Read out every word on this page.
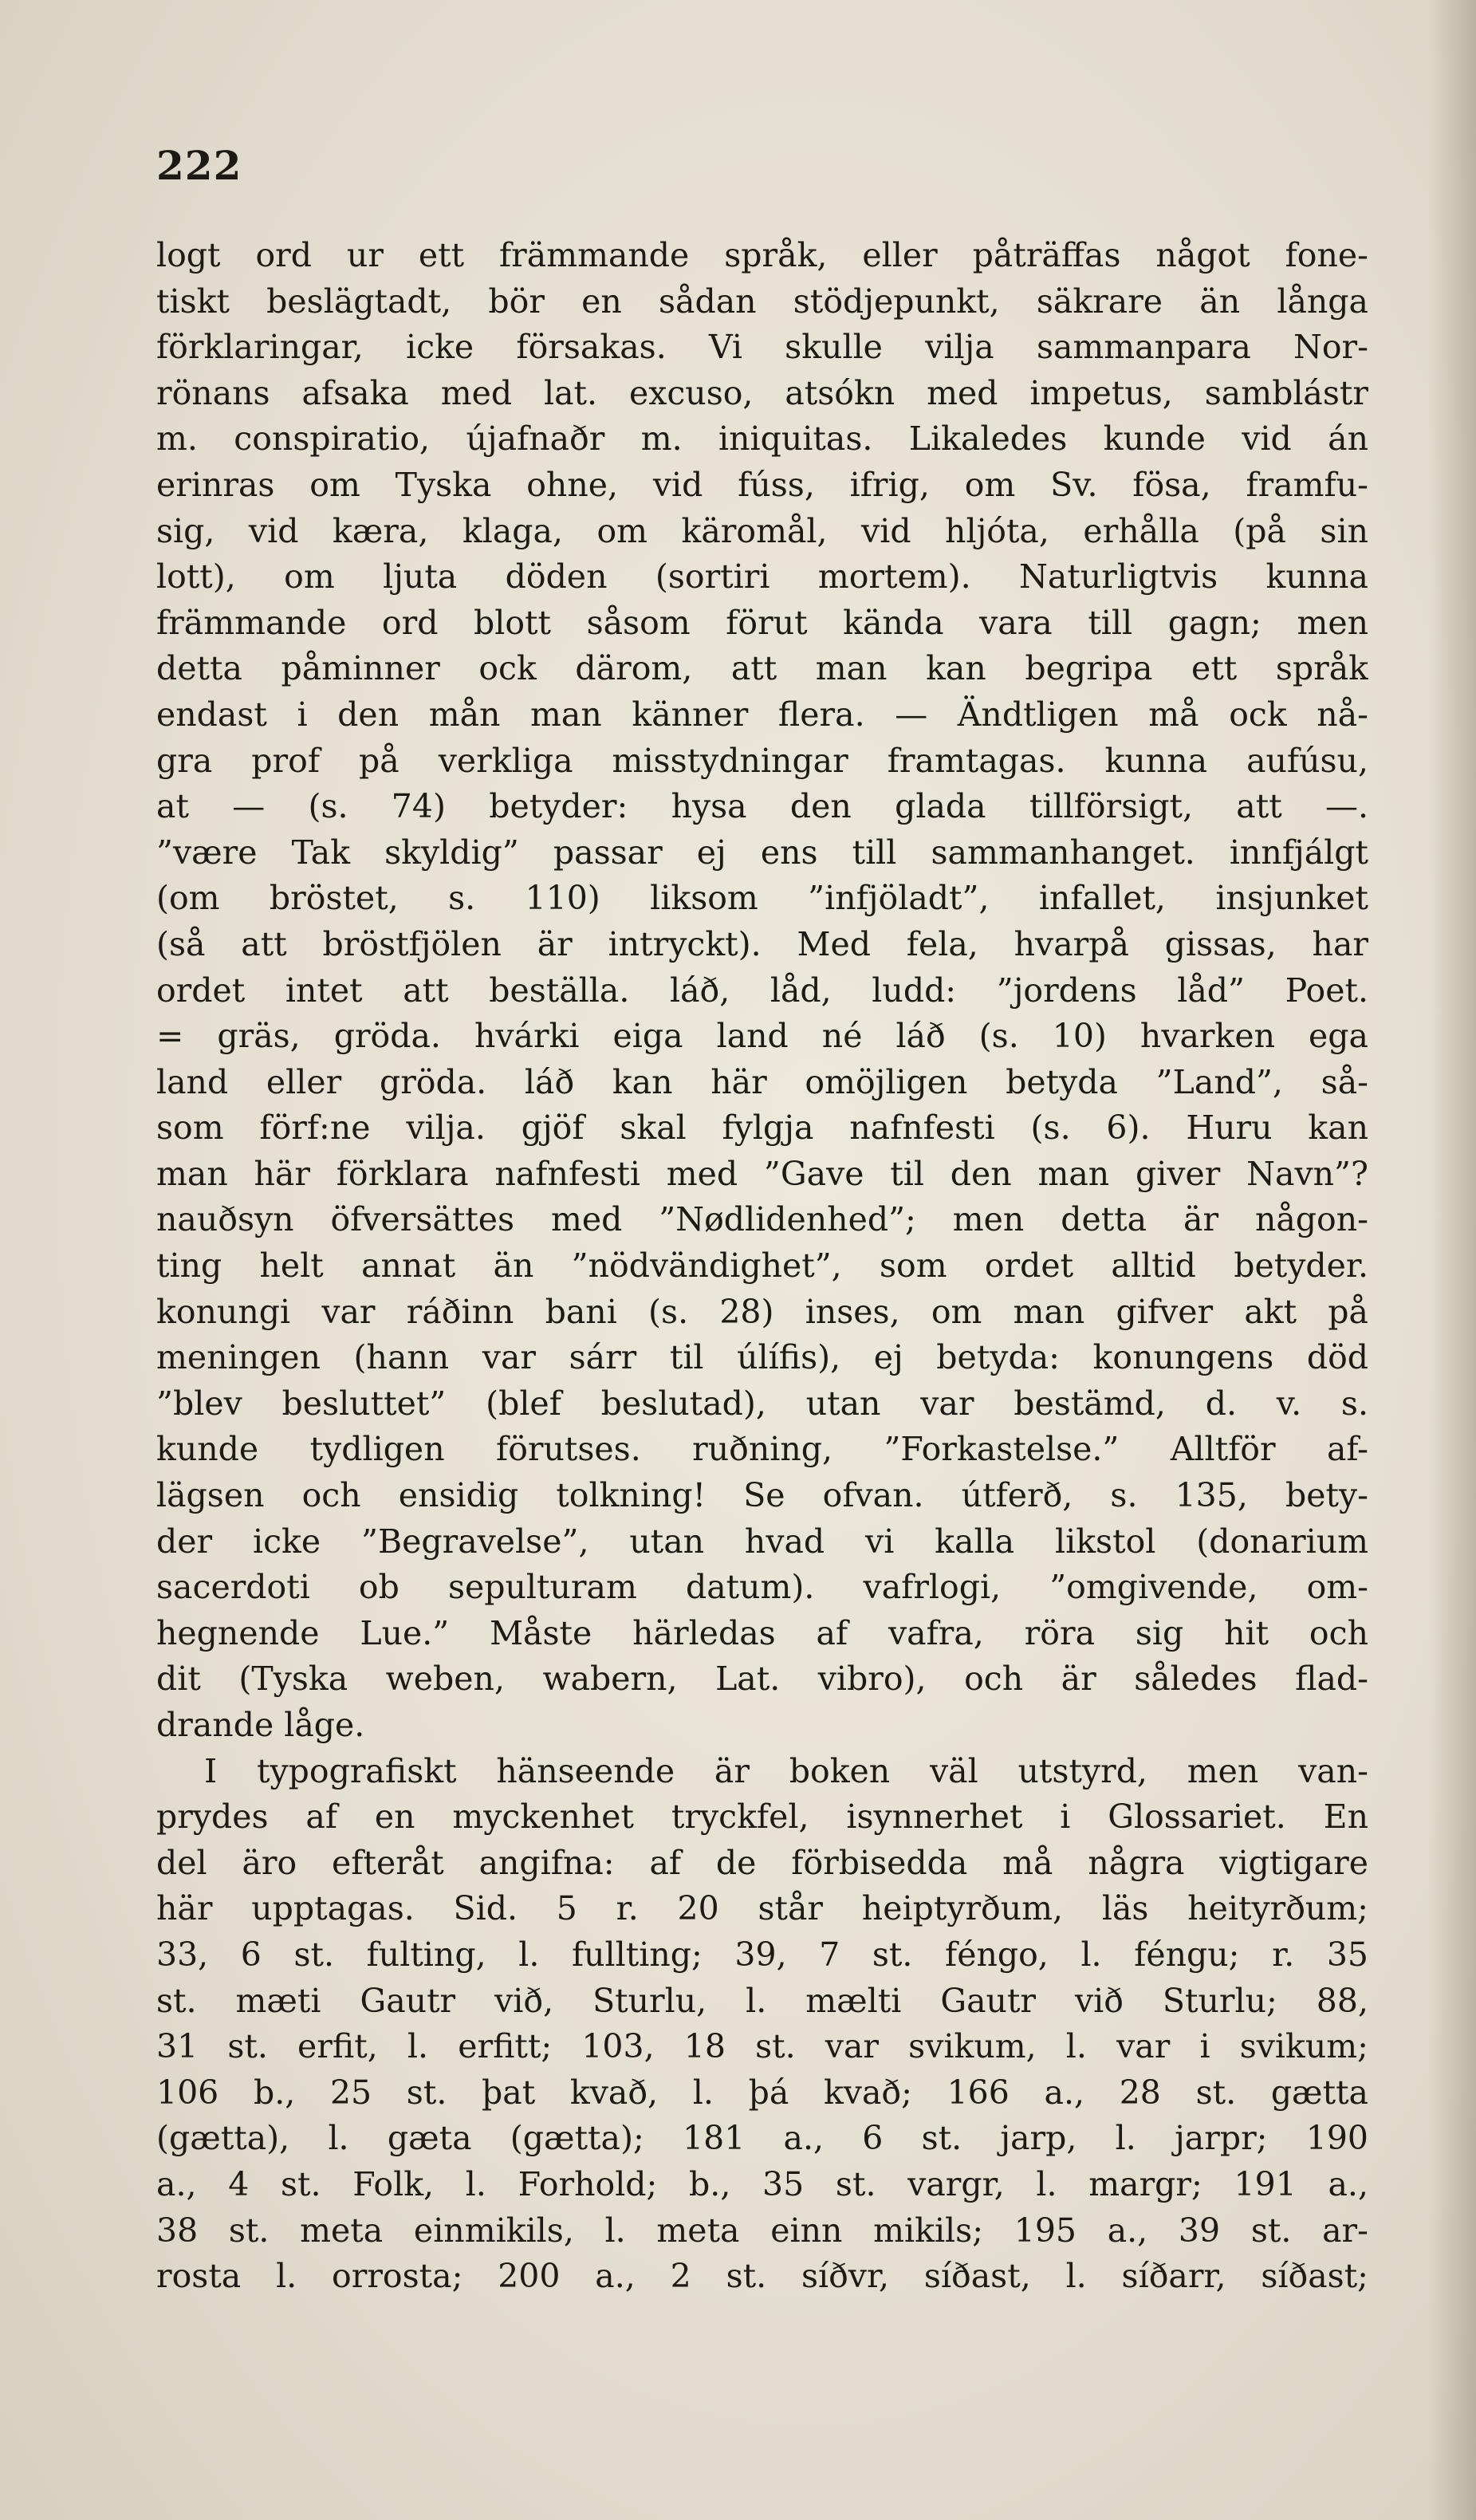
222
logt ord ur ett främmande språk, eller påträffas något fone-
tiskt beslägtadt, bör en sådan stödjepunkt, säkrare än långa
förklaringar, icke försakas. Vi skulle vilja sammanpara Nor-
rönans afsaka med lat. excuso, atsókn med impetus, samblástr
m. conspiratio, újafnaðr m. iniquitas. Likaledes kunde vid án
erinras om Tyska ohne, vid fúss, ifrig, om Sv. fösa, framfu-
sig, vid kæra, klaga, om käromål, vid hljóta, erhålla (på sin
lott), om ljuta döden (sortiri mortem). Naturligtvis kunna
främmande ord blott såsom förut kända vara till gagn; men
detta påminner ock därom, att man kan begripa ett språk
endast i den mån man känner flera. — Ändtligen må ock nå-
gra prof på verkliga misstydningar framtagas. kunna aufúsu,
at — (s. 74) betyder: hysa den glada tillförsigt, att —.
”være Tak skyldig” passar ej ens till sammanhanget. innfjálgt
(om bröstet, s. 110) liksom ”infjöladt”, infallet, insjunket
(så att bröstfjölen är intryckt). Med fela, hvarpå gissas, har
ordet intet att beställa. láð, låd, ludd: ”jordens låd” Poet.
= gräs, gröda. hvárki eiga land né láð (s. 10) hvarken ega
land eller gröda. láð kan här omöjligen betyda ”Land”, så-
som förf:ne vilja. gjöf skal fylgja nafnfesti (s. 6). Huru kan
man här förklara nafnfesti med ”Gave til den man giver Navn”?
nauðsyn öfversättes med ”Nødlidenhed”; men detta är någon-
ting helt annat än ”nödvändighet”, som ordet alltid betyder.
konungi var ráðinn bani (s. 28) inses, om man gifver akt på
meningen (hann var sárr til úlífis), ej betyda: konungens död
”blev besluttet” (blef beslutad), utan var bestämd, d. v. s.
kunde tydligen förutses. ruðning, ”Forkastelse.” Alltför af-
lägsen och ensidig tolkning! Se ofvan. útferð, s. 135, bety-
der icke ”Begravelse”, utan hvad vi kalla likstol (donarium
sacerdoti ob sepulturam datum). vafrlogi, ”omgivende, om-
hegnende Lue.” Måste härledas af vafra, röra sig hit och
dit (Tyska weben, wabern, Lat. vibro), och är således flad-
drande låge.
I typografiskt hänseende är boken väl utstyrd, men van-
prydes af en myckenhet tryckfel, isynnerhet i Glossariet. En
del äro efteråt angifna: af de förbisedda må några vigtigare
här upptagas. Sid. 5 r. 20 står heiptyrðum, läs heityrðum;
33, 6 st. fulting, l. fullting; 39, 7 st. féngo, l. féngu; r. 35
st. mæti Gautr við, Sturlu, l. mælti Gautr við Sturlu; 88,
31 st. erfit, l. erfitt; 103, 18 st. var svikum, l. var i svikum;
106 b., 25 st. þat kvað, l. þá kvað; 166 a., 28 st. gætta
(gætta), l. gæta (gætta); 181 a., 6 st. jarp, l. jarpr; 190
a., 4 st. Folk, l. Forhold; b., 35 st. vargr, l. margr; 191 a.,
38 st. meta einmikils, l. meta einn mikils; 195 a., 39 st. ar-
rosta l. orrosta; 200 a., 2 st. síðvr, síðast, l. síðarr, síðast;
